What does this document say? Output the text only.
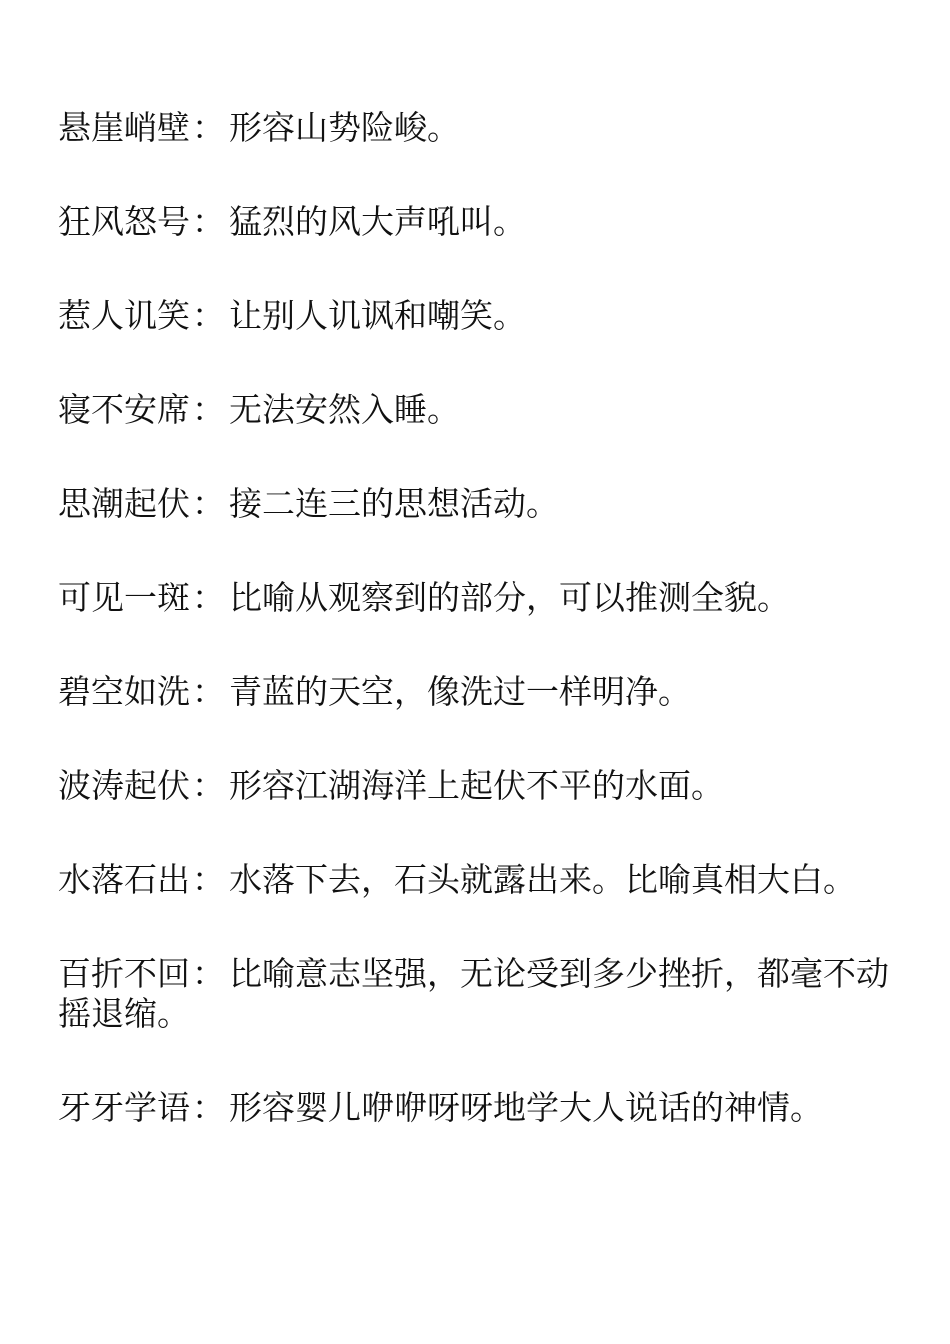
悬崖峭壁： 形容山势险峻。
狂风怒号： 猛烈的风大声吼叫。
惹人讥笑： 让别人讥讽和嘲笑。
寝不安席： 无法安然入睡。
思潮起伏： 接二连三的思想活动。
可见一斑： 比喻从观察到的部分，可以推测全貌。
碧空如洗： 青蓝的天空，像洗过一样明净。
波涛起伏： 形容江湖海洋上起伏不平的水面。
水落石出： 水落下去，石头就露出来。比喻真相大白。
百折不回： 比喻意志坚强，无论受到多少挫折，都毫不动摇退缩。
牙牙学语： 形容婴儿咿咿呀呀地学大人说话的神情。
